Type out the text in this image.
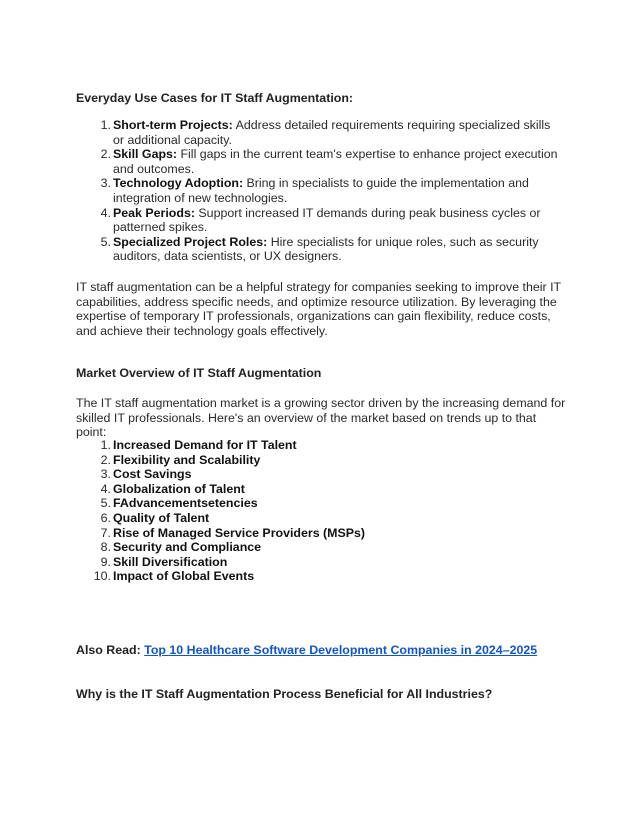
Everyday Use Cases for IT Staff Augmentation:
1. Short-term Projects: Address detailed requirements requiring specialized skills or additional capacity.
2. Skill Gaps: Fill gaps in the current team's expertise to enhance project execution and outcomes.
3. Technology Adoption: Bring in specialists to guide the implementation and integration of new technologies.
4. Peak Periods: Support increased IT demands during peak business cycles or patterned spikes.
5. Specialized Project Roles: Hire specialists for unique roles, such as security auditors, data scientists, or UX designers.

IT staff augmentation can be a helpful strategy for companies seeking to improve their IT capabilities, address specific needs, and optimize resource utilization. By leveraging the expertise of temporary IT professionals, organizations can gain flexibility, reduce costs, and achieve their technology goals effectively.

Market Overview of IT Staff Augmentation

The IT staff augmentation market is a growing sector driven by the increasing demand for skilled IT professionals. Here's an overview of the market based on trends up to that point:

1. Increased Demand for IT Talent
2. Flexibility and Scalability
3. Cost Savings
4. Globalization of Talent
5. FAdvancementsetencies
6. Quality of Talent
7. Rise of Managed Service Providers (MSPs)
8. Security and Compliance
9. Skill Diversification
10. Impact of Global Events
Also Read: Top 10 Healthcare Software Development Companies in 2024–2025
Why is the IT Staff Augmentation Process Beneficial for All Industries?
